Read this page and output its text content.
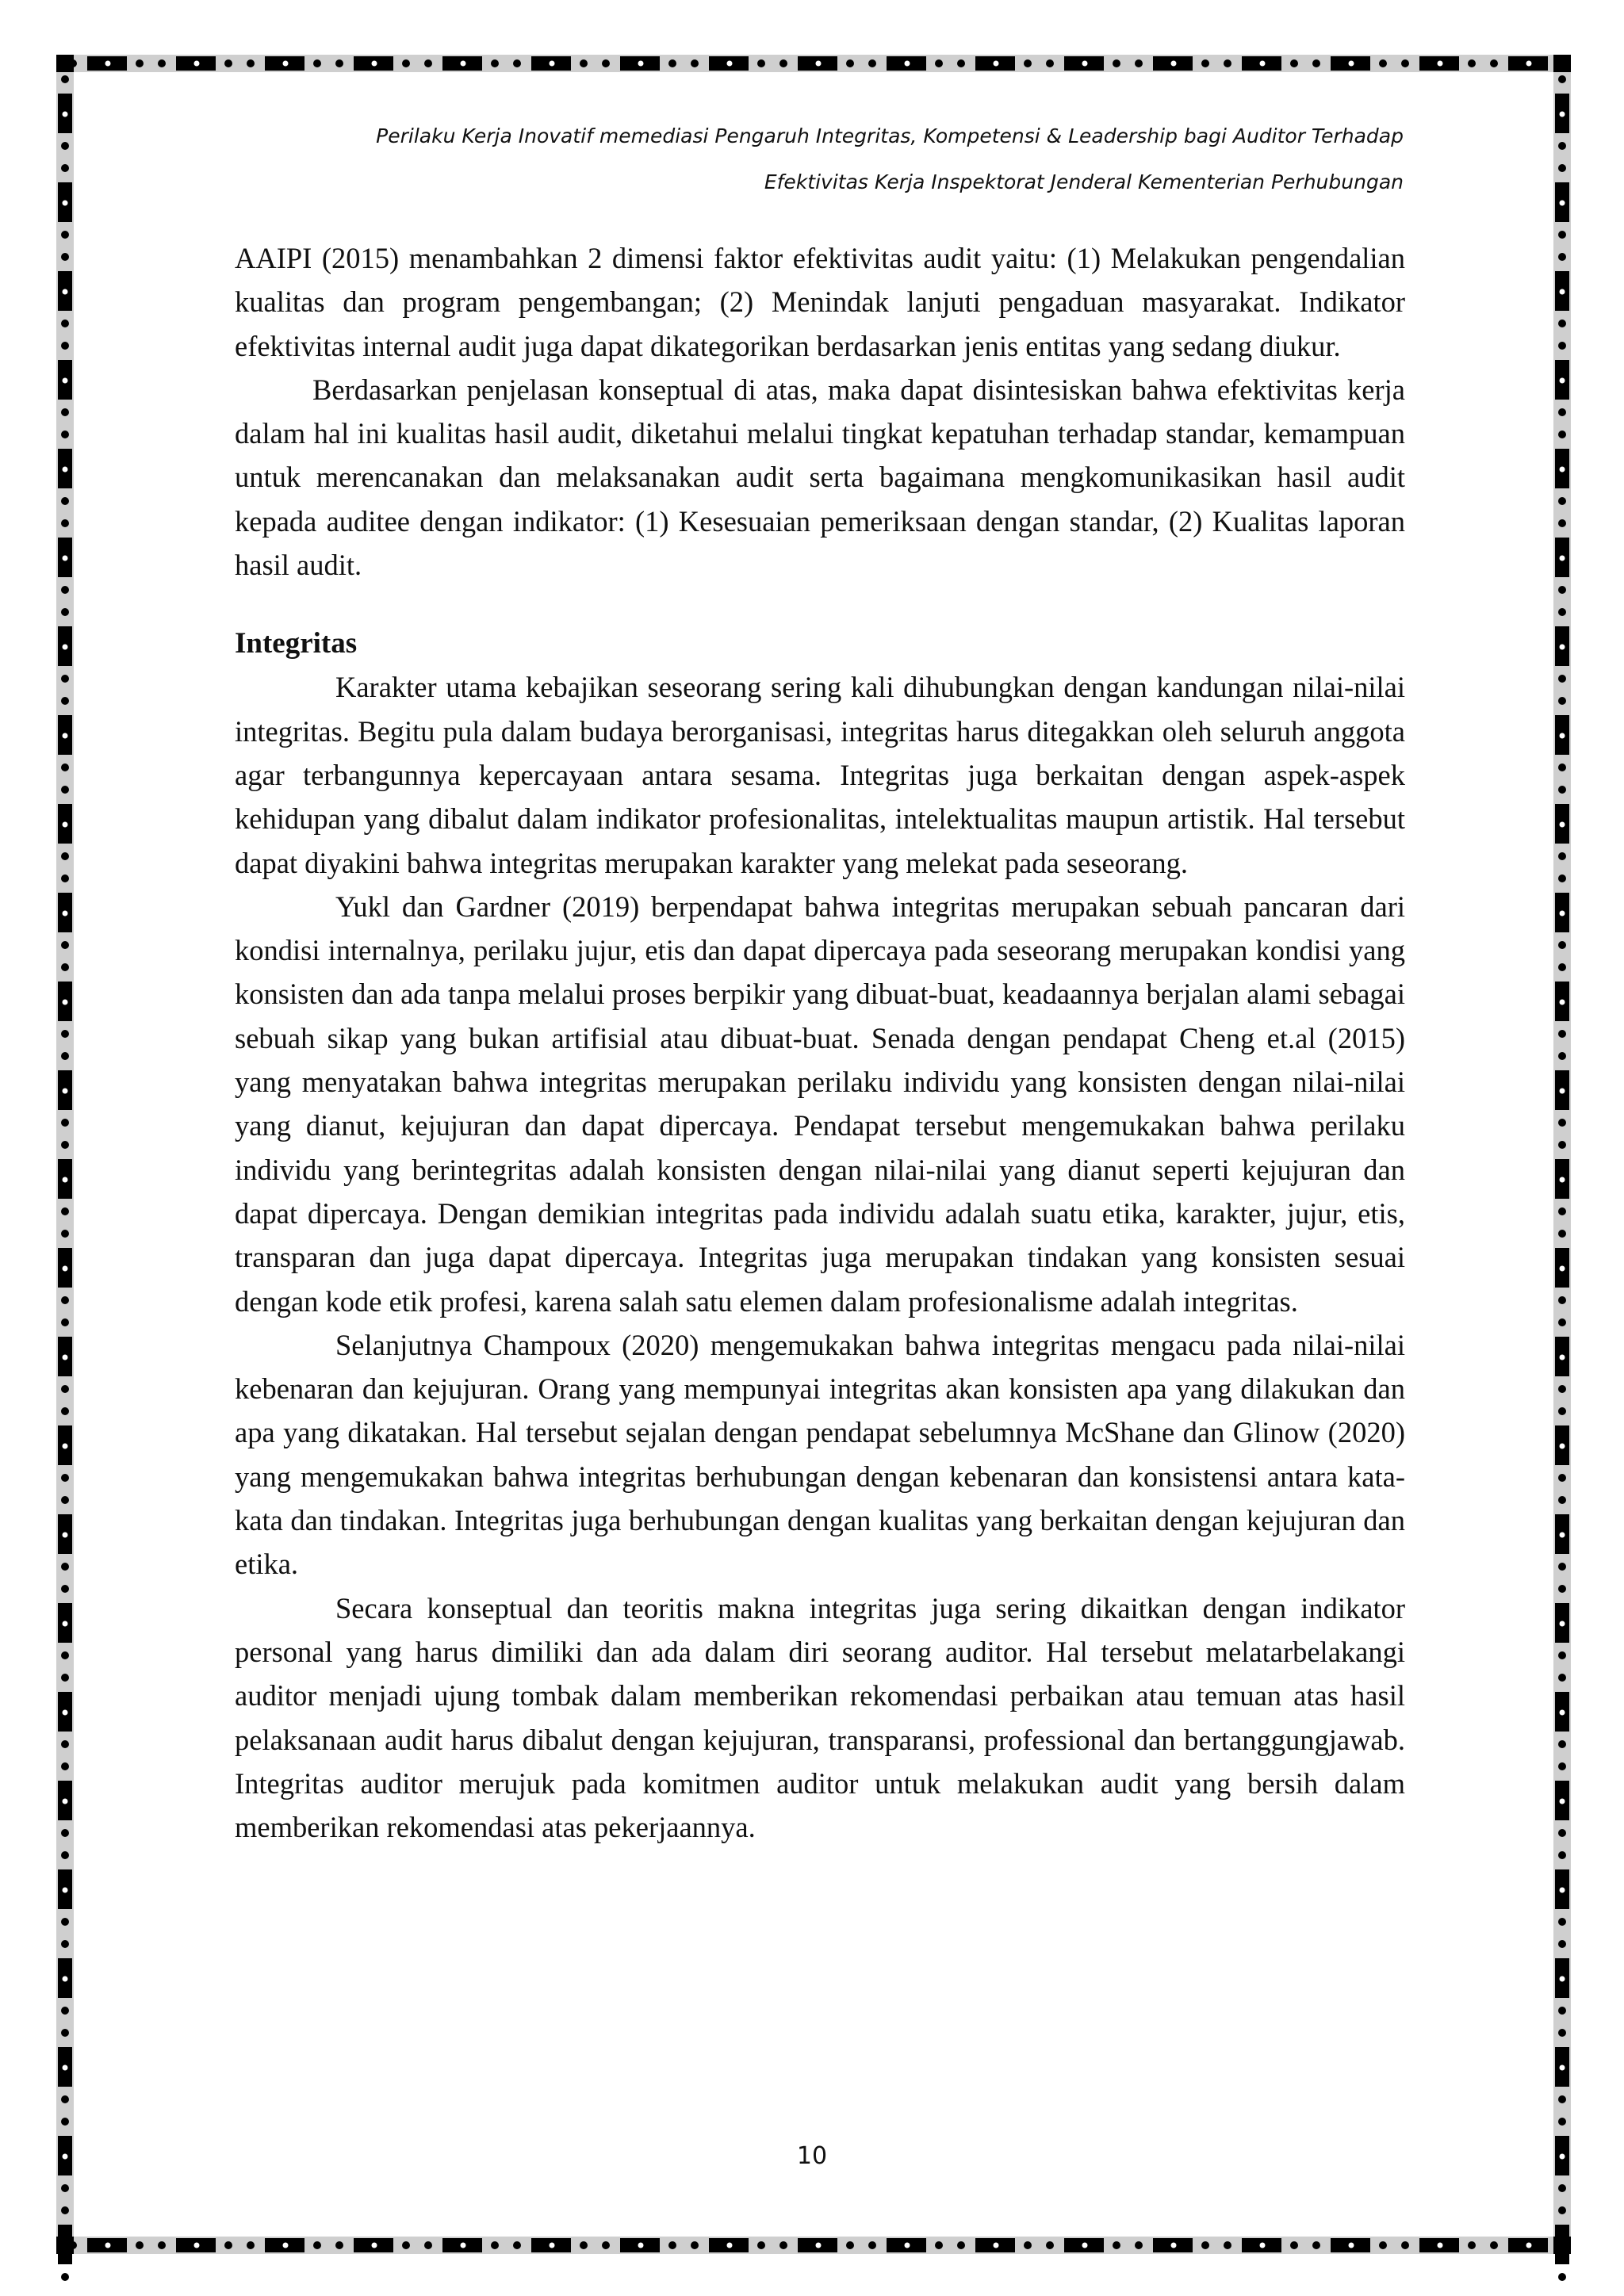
Perilaku Kerja Inovatif memediasi Pengaruh Integritas, Kompetensi & Leadership bagi Auditor Terhadap
Efektivitas Kerja Inspektorat Jenderal Kementerian Perhubungan

AAIPI (2015) menambahkan 2 dimensi faktor efektivitas audit yaitu: (1) Melakukan pengendalian kualitas dan program pengembangan; (2) Menindak lanjuti pengaduan masyarakat. Indikator efektivitas internal audit juga dapat dikategorikan berdasarkan jenis entitas yang sedang diukur.

Berdasarkan penjelasan konseptual di atas, maka dapat disintesiskan bahwa efektivitas kerja dalam hal ini kualitas hasil audit, diketahui melalui tingkat kepatuhan terhadap standar, kemampuan untuk merencanakan dan melaksanakan audit serta bagaimana mengkomunikasikan hasil audit kepada auditee dengan indikator: (1) Kesesuaian pemeriksaan dengan standar, (2) Kualitas laporan hasil audit.

Integritas

Karakter utama kebajikan seseorang sering kali dihubungkan dengan kandungan nilai-nilai integritas. Begitu pula dalam budaya berorganisasi, integritas harus ditegakkan oleh seluruh anggota agar terbangunnya kepercayaan antara sesama. Integritas juga berkaitan dengan aspek-aspek kehidupan yang dibalut dalam indikator profesionalitas, intelektualitas maupun artistik. Hal tersebut dapat diyakini bahwa integritas merupakan karakter yang melekat pada seseorang.

Yukl dan Gardner (2019) berpendapat bahwa integritas merupakan sebuah pancaran dari kondisi internalnya, perilaku jujur, etis dan dapat dipercaya pada seseorang merupakan kondisi yang konsisten dan ada tanpa melalui proses berpikir yang dibuat-buat, keadaannya berjalan alami sebagai sebuah sikap yang bukan artifisial atau dibuat-buat. Senada dengan pendapat Cheng et.al (2015) yang menyatakan bahwa integritas merupakan perilaku individu yang konsisten dengan nilai-nilai yang dianut, kejujuran dan dapat dipercaya. Pendapat tersebut mengemukakan bahwa perilaku individu yang berintegritas adalah konsisten dengan nilai-nilai yang dianut seperti kejujuran dan dapat dipercaya. Dengan demikian integritas pada individu adalah suatu etika, karakter, jujur, etis, transparan dan juga dapat dipercaya. Integritas juga merupakan tindakan yang konsisten sesuai dengan kode etik profesi, karena salah satu elemen dalam profesionalisme adalah integritas.

Selanjutnya Champoux (2020) mengemukakan bahwa integritas mengacu pada nilai-nilai kebenaran dan kejujuran. Orang yang mempunyai integritas akan konsisten apa yang dilakukan dan apa yang dikatakan. Hal tersebut sejalan dengan pendapat sebelumnya McShane dan Glinow (2020) yang mengemukakan bahwa integritas berhubungan dengan kebenaran dan konsistensi antara kata-kata dan tindakan. Integritas juga berhubungan dengan kualitas yang berkaitan dengan kejujuran dan etika.

Secara konseptual dan teoritis makna integritas juga sering dikaitkan dengan indikator personal yang harus dimiliki dan ada dalam diri seorang auditor. Hal tersebut melatarbelakangi auditor menjadi ujung tombak dalam memberikan rekomendasi perbaikan atau temuan atas hasil pelaksanaan audit harus dibalut dengan kejujuran, transparansi, professional dan bertanggungjawab. Integritas auditor merujuk pada komitmen auditor untuk melakukan audit yang bersih dalam memberikan rekomendasi atas pekerjaannya.

10
